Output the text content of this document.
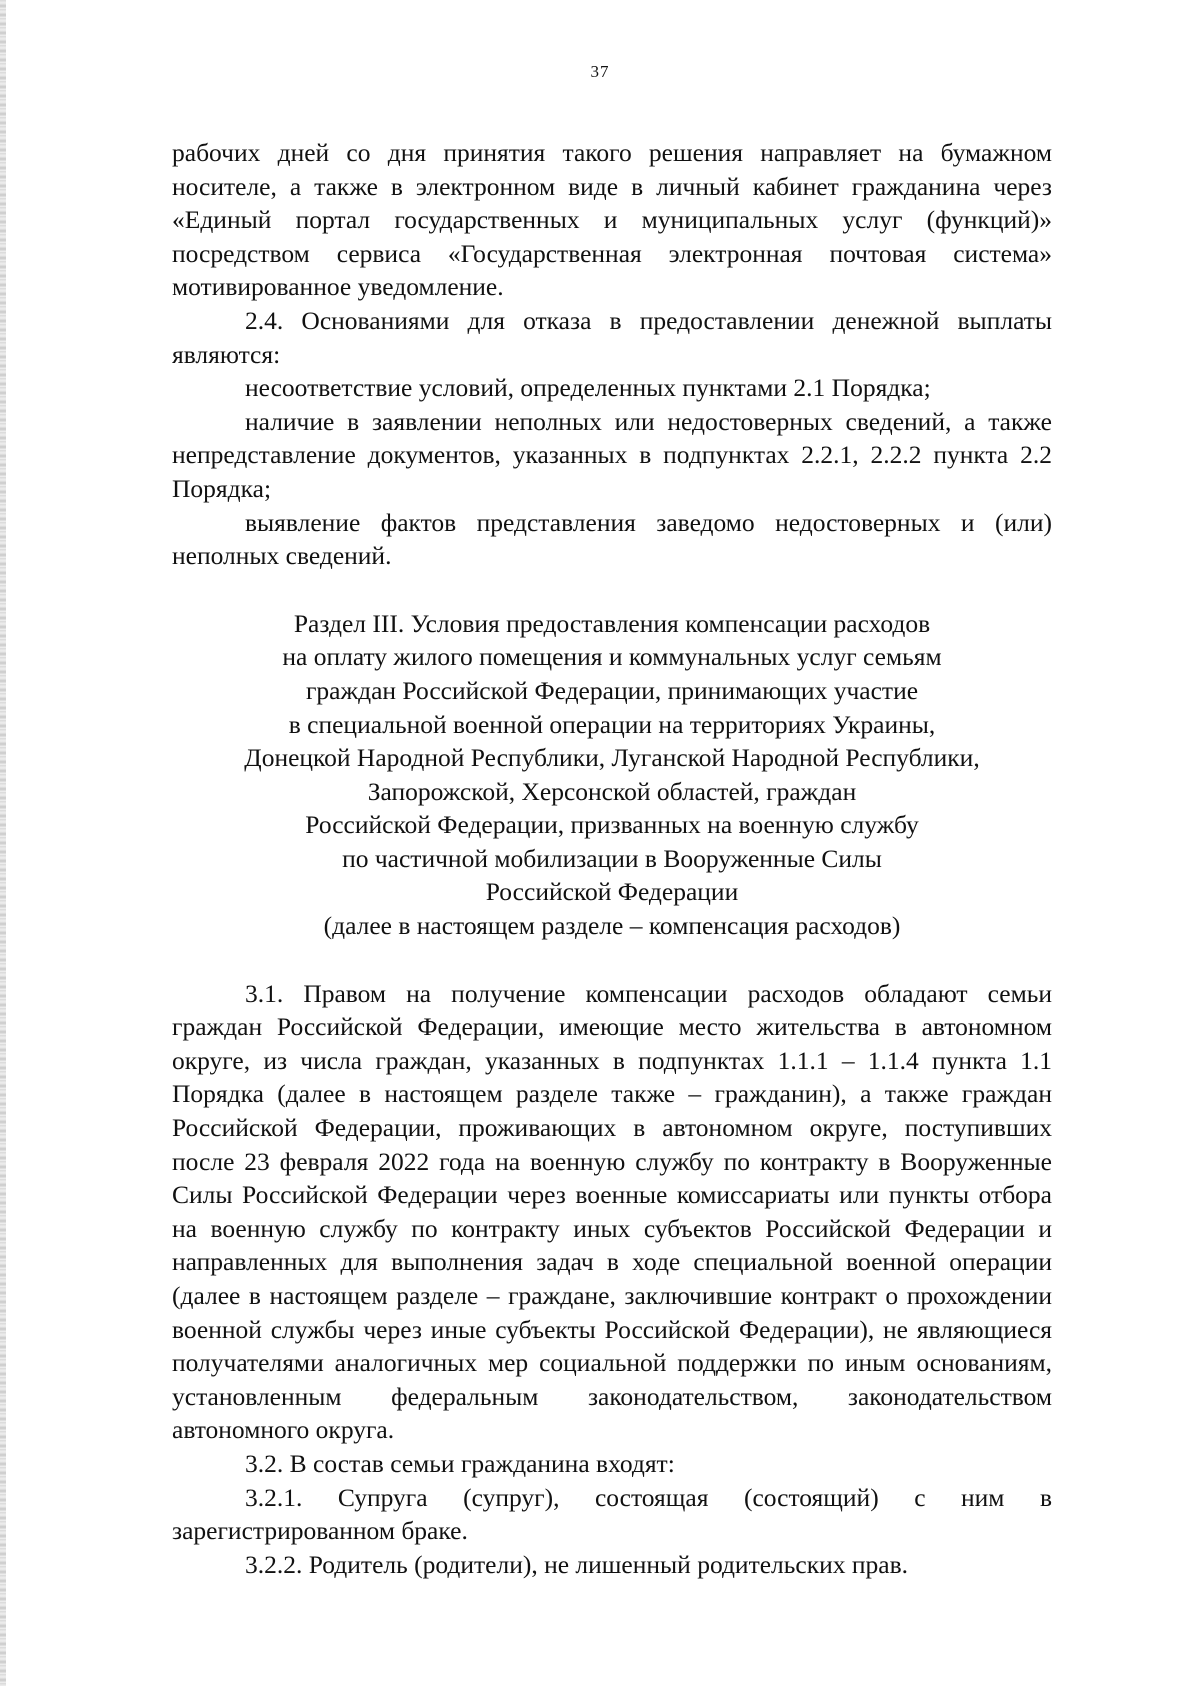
37

рабочих дней со дня принятия такого решения направляет на бумажном носителе, а также в электронном виде в личный кабинет гражданина через «Единый портал государственных и муниципальных услуг (функций)» посредством сервиса «Государственная электронная почтовая система» мотивированное уведомление.

2.4. Основаниями для отказа в предоставлении денежной выплаты являются:

несоответствие условий, определенных пунктами 2.1 Порядка;

наличие в заявлении неполных или недостоверных сведений, а также непредставление документов, указанных в подпунктах 2.2.1, 2.2.2 пункта 2.2 Порядка;

выявление фактов представления заведомо недостоверных и (или) неполных сведений.

Раздел III. Условия предоставления компенсации расходов
на оплату жилого помещения и коммунальных услуг семьям
граждан Российской Федерации, принимающих участие
в специальной военной операции на территориях Украины,
Донецкой Народной Республики, Луганской Народной Республики,
Запорожской, Херсонской областей, граждан
Российской Федерации, призванных на военную службу
по частичной мобилизации в Вооруженные Силы
Российской Федерации
(далее в настоящем разделе – компенсация расходов)

3.1. Правом на получение компенсации расходов обладают семьи граждан Российской Федерации, имеющие место жительства в автономном округе, из числа граждан, указанных в подпунктах 1.1.1 – 1.1.4 пункта 1.1 Порядка (далее в настоящем разделе также – гражданин), а также граждан Российской Федерации, проживающих в автономном округе, поступивших после 23 февраля 2022 года на военную службу по контракту в Вооруженные Силы Российской Федерации через военные комиссариаты или пункты отбора на военную службу по контракту иных субъектов Российской Федерации и направленных для выполнения задач в ходе специальной военной операции (далее в настоящем разделе – граждане, заключившие контракт о прохождении военной службы через иные субъекты Российской Федерации), не являющиеся получателями аналогичных мер социальной поддержки по иным основаниям, установленным федеральным законодательством, законодательством автономного округа.

3.2. В состав семьи гражданина входят:

3.2.1. Супруга (супруг), состоящая (состоящий) с ним в зарегистрированном браке.

3.2.2. Родитель (родители), не лишенный родительских прав.
